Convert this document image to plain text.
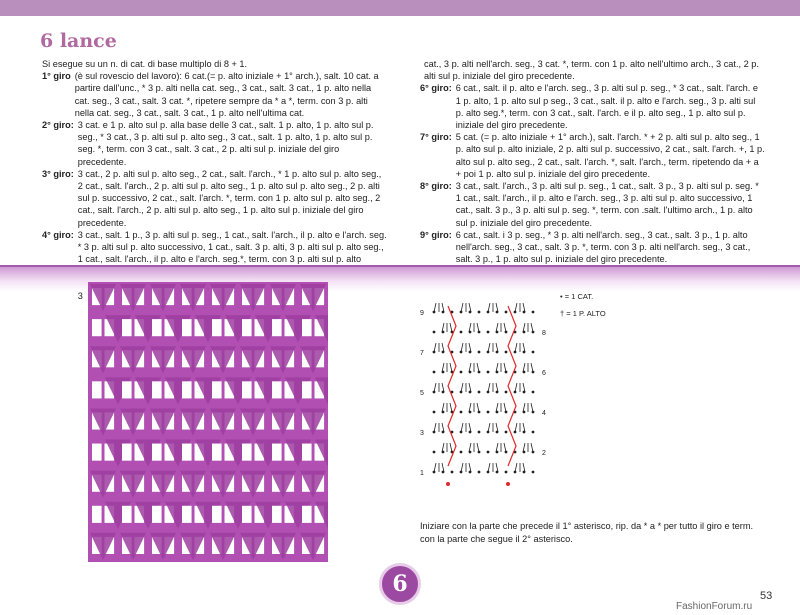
6 lance

Si esegue su un n. di cat. di base multiplo di 8 + 1.

1° giro (è sul rovescio del lavoro): 6 cat.(= p. alto iniziale + 1° arch.), salt. 10 cat. a partire dall'unc., * 3 p. alti nella cat. seg., 3 cat., salt. 3 cat., 1 p. alto nella cat. seg., 3 cat., salt. 3 cat. *, ripetere sempre da * a *, term. con 3 p. alti nella cat. seg., 3 cat., salt. 3 cat., 1 p. alto nell'ultima cat.
2° giro: 3 cat. e 1 p. alto sul p. alla base delle 3 cat., salt. 1 p. alto, 1 p. alto sul p. seg., * 3 cat., 3 p. alti sul p. alto seg., 3 cat., salt. 1 p. alto, 1 p. alto sul p. seg. *, term. con 3 cat., salt. 3 cat., 2 p. alti sul p. iniziale del giro precedente.
3° giro: 3 cat., 2 p. alti sul p. alto seg., 2 cat., salt. l'arch., * 1 p. alto sul p. alto seg., 2 cat., salt. l'arch., 2 p. alti sul p. alto seg., 1 p. alto sul p. alto seg., 2 p. alti sul p. successivo, 2 cat., salt. l'arch. *, term. con 1 p. alto sul p. alto seg., 2 cat., salt. l'arch., 2 p. alti sul p. alto seg., 1 p. alto sul p. iniziale del giro precedente.
4° giro: 3 cat., salt. 1 p., 3 p. alti sul p. seg., 1 cat., salt. l'arch., il p. alto e l'arch. seg. * 3 p. alti sul p. alto successivo, 1 cat., salt. 3 p. alti, 3 p. alti sul p. alto seg., 1 cat., salt. l'arch., il p. alto e l'arch. seg.*, term. con 3 p. alti sul p. alto
3
cat., 3 p. alti nell'arch. seg., 3 cat. *, term. con 1 p. alto nell'ultimo arch., 3 cat., 2 p. alti sul p. iniziale del giro precedente.
6° giro: 6 cat., salt. il p. alto e l'arch. seg., 3 p. alti sul p. seg., * 3 cat., salt. l'arch. e 1 p. alto, 1 p. alto sul p seg., 3 cat., salt. il p. alto e l'arch. seg., 3 p. alti sul p. alto seg.*, term. con 3 cat., salt. l'arch. e il p. alto seg., 1 p. alto sul p. iniziale del giro precedente.
7° giro: 5 cat. (= p. alto iniziale + 1° arch.), salt. l'arch. * + 2 p. alti sul p. alto seg., 1 p. alto sul p. alto iniziale, 2 p. alti sul p. successivo, 2 cat., salt. l'arch. +, 1 p. alto sul p. alto seg., 2 cat., salt. l'arch. *, salt. l'arch., term. ripetendo da + a + poi 1 p. alto sul p. iniziale del giro precedente.
8° giro: 3 cat., salt. l'arch., 3 p. alti sul p. seg., 1 cat., salt. 3 p., 3 p. alti sul p. seg. * 1 cat., salt. l'arch., il p. alto e l'arch. seg., 3 p. alti sul p. alto successivo, 1 cat., salt. 3 p., 3 p. alti sul p. seg. *, term. con .salt. l'ultimo arch., 1 p. alto sul p. iniziale del giro precedente.
9° giro: 6 cat., salt. i 3 p. seg., * 3 p. alti nell'arch. seg., 3 cat., salt. 3 p., 1 p. alto nell'arch. seg., 3 cat., salt. 3 p. *, term. con 3 p. alti nell'arch. seg., 3 cat., salt. 3 p., 1 p. alto sul p. iniziale del giro precedente.
9
8
7
6
5
4
3
2
1
• = 1 CAT.
† = 1 P. ALTO
Iniziare con la parte che precede il 1° asterisco, rip. da * a * per tutto il giro e term. con la parte che segue il 2° asterisco.
6	53
FashionForum.ru
